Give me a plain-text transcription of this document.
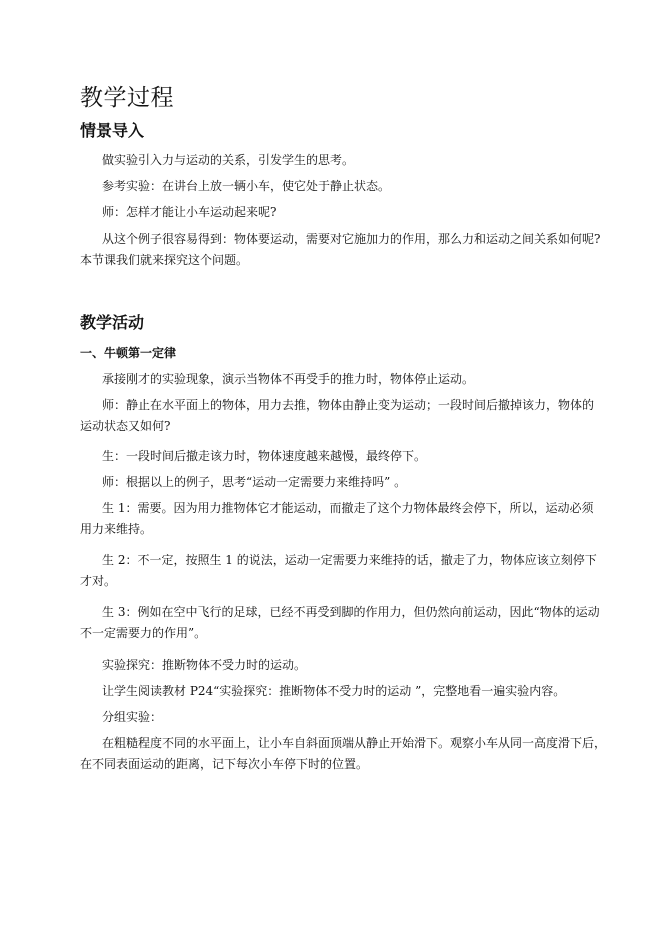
教学过程
情景导入

做实验引入力与运动的关系，引发学生的思考。

参考实验：在讲台上放一辆小车，使它处于静止状态。

师：怎样才能让小车运动起来呢?

从这个例子很容易得到：物体要运动，需要对它施加力的作用，那么力和运动之间关系如何呢?
本节课我们就来探究这个问题。

教学活动
一、牛顿第一定律

承接刚才的实验现象，演示当物体不再受手的推力时，物体停止运动。

师：静止在水平面上的物体，用力去推，物体由静止变为运动；一段时间后撤掉该力，物体的
运动状态又如何?

生：一段时间后撤走该力时，物体速度越来越慢，最终停下。

师：根据以上的例子，思考“运动一定需要力来维持吗” 。

生 1：需要。因为用力推物体它才能运动，而撤走了这个力物体最终会停下，所以，运动必须
用力来维持。

生 2：不一定，按照生 1 的说法，运动一定需要力来维持的话，撤走了力，物体应该立刻停下
才对。

生 3：例如在空中飞行的足球，已经不再受到脚的作用力，但仍然向前运动，因此“物体的运动
不一定需要力的作用”。

实验探究：推断物体不受力时的运动。

让学生阅读教材 P24“实验探究：推断物体不受力时的运动 ”，完整地看一遍实验内容。

分组实验：

在粗糙程度不同的水平面上，让小车自斜面顶端从静止开始滑下。观察小车从同一高度滑下后，
在不同表面运动的距离，记下每次小车停下时的位置。
